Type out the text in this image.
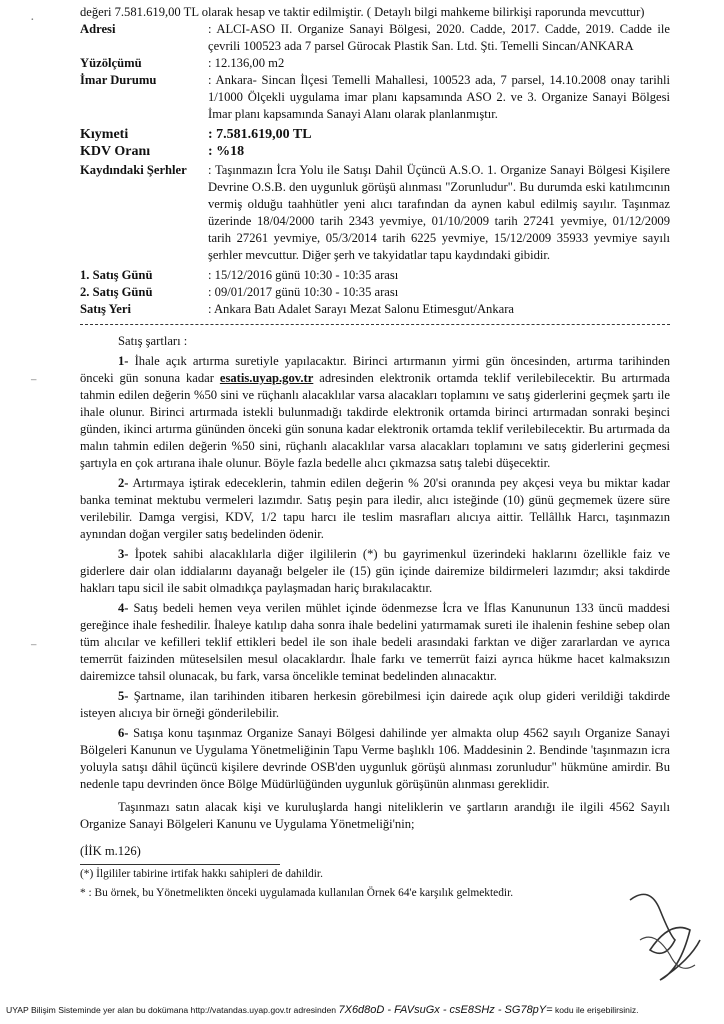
değeri 7.581.619,00 TL olarak hesap ve taktir edilmiştir. ( Detaylı bilgi mahkeme bilirkişi raporunda mevcuttur)

Adresi	: ALCI-ASO II. Organize Sanayi Bölgesi, 2020. Cadde, 2017. Cadde, 2019. Cadde ile çevrili 100523 ada 7 parsel Gürocak Plastik San. Ltd. Şti. Temelli Sincan/ANKARA

Yüzölçümü	: 12.136,00 m2
İmar Durumu	: Ankara- Sincan İlçesi Temelli Mahallesi, 100523 ada, 7 parsel, 14.10.2008 onay tarihli 1/1000 Ölçekli uygulama imar planı kapsamında ASO 2. ve 3. Organize Sanayi Bölgesi İmar planı kapsamında Sanayi Alanı olarak planlanmıştır.

Kıymeti	: 7.581.619,00 TL
KDV Oranı	: %18
Kaydındaki Şerhler	: Taşınmazın İcra Yolu ile Satışı Dahil Üçüncü A.S.O. 1. Organize Sanayi Bölgesi Kişilere Devrine O.S.B. den uygunluk görüşü alınması "Zorunludur". Bu durumda eski katılımcının vermiş olduğu taahhütler yeni alıcı tarafından da aynen kabul edilmiş sayılır. Taşınmaz üzerinde 18/04/2000 tarih 2343 yevmiye, 01/10/2009 tarih 27241 yevmiye, 01/12/2009 tarih 27261 yevmiye, 05/3/2014 tarih 6225 yevmiye, 15/12/2009 35933 yevmiye sayılı şerhler mevcuttur. Diğer şerh ve takyidatlar tapu kaydındaki gibidir.

1. Satış Günü	: 15/12/2016 günü 10:30 - 10:35 arası
2. Satış Günü	: 09/01/2017 günü 10:30 - 10:35 arası
Satış Yeri	: Ankara Batı Adalet Sarayı Mezat Salonu Etimesgut/Ankara

Satış şartları :

1- İhale açık artırma suretiyle yapılacaktır. Birinci artırmanın yirmi gün öncesinden, artırma tarihinden önceki gün sonuna kadar esatis.uyap.gov.tr adresinden elektronik ortamda teklif verilebilecektir. Bu artırmada tahmin edilen değerin %50 sini ve rüçhanlı alacaklılar varsa alacakları toplamını ve satış giderlerini geçmek şartı ile ihale olunur. Birinci artırmada istekli bulunmadığı takdirde elektronik ortamda birinci artırmadan sonraki beşinci günden, ikinci artırma gününden önceki gün sonuna kadar elektronik ortamda teklif verilebilecektir. Bu artırmada da malın tahmin edilen değerin %50 sini, rüçhanlı alacaklılar varsa alacakları toplamını ve satış giderlerini geçmesi şartıyla en çok artırana ihale olunur. Böyle fazla bedelle alıcı çıkmazsa satış talebi düşecektir.

2- Artırmaya iştirak edeceklerin, tahmin edilen değerin % 20'si oranında pey akçesi veya bu miktar kadar banka teminat mektubu vermeleri lazımdır. Satış peşin para iledir, alıcı isteğinde (10) günü geçmemek üzere süre verilebilir. Damga vergisi, KDV, 1/2 tapu harcı ile teslim masrafları alıcıya aittir. Tellâllık Harcı, taşınmazın aynından doğan vergiler satış bedelinden ödenir.

3- İpotek sahibi alacaklılarla diğer ilgililerin (*) bu gayrimenkul üzerindeki haklarını özellikle faiz ve giderlere dair olan iddialarını dayanağı belgeler ile (15) gün içinde dairemize bildirmeleri lazımdır; aksi takdirde hakları tapu sicil ile sabit olmadıkça paylaşmadan hariç bırakılacaktır.

4- Satış bedeli hemen veya verilen mühlet içinde ödenmezse İcra ve İflas Kanununun 133 üncü maddesi gereğince ihale feshedilir. İhaleye katılıp daha sonra ihale bedelini yatırmamak sureti ile ihalenin feshine sebep olan tüm alıcılar ve kefilleri teklif ettikleri bedel ile son ihale bedeli arasındaki farktan ve diğer zararlardan ve ayrıca temerrüt faizinden müteselsilen mesul olacaklardır. İhale farkı ve temerrüt faizi ayrıca hükme hacet kalmaksızın dairemizce tahsil olunacak, bu fark, varsa öncelikle teminat bedelinden alınacaktır.

5- Şartname, ilan tarihinden itibaren herkesin görebilmesi için dairede açık olup gideri verildiği takdirde isteyen alıcıya bir örneği gönderilebilir.

6- Satışa konu taşınmaz Organize Sanayi Bölgesi dahilinde yer almakta olup 4562 sayılı Organize Sanayi Bölgeleri Kanunun ve Uygulama Yönetmeliğinin Tapu Verme başlıklı 106. Maddesinin 2. Bendinde 'taşınmazın icra yoluyla satışı dâhil üçüncü kişilere devrinde OSB'den uygunluk görüşü alınması zorunludur" hükmüne amirdir. Bu nedenle tapu devrinden önce Bölge Müdürlüğünden uygunluk görüşünün alınması gereklidir.

Taşınmazı satın alacak kişi ve kuruluşlarda hangi niteliklerin ve şartların arandığı ile ilgili 4562 Sayılı Organize Sanayi Bölgeleri Kanunu ve Uygulama Yönetmeliği'nin;

(İİK m.126)

(*) İlgililer tabirine irtifak hakkı sahipleri de dahildir.

* : Bu örnek, bu Yönetmelikten önceki uygulamada kullanılan Örnek 64'e karşılık gelmektedir.

·
⁻
⁻
UYAP Bilişim Sisteminde yer alan bu dokümana http://vatandas.uyap.gov.tr adresinden 7X6d8oD - FAVsuGx - csE8SHz - SG78pY= kodu ile erişebilirsiniz.
